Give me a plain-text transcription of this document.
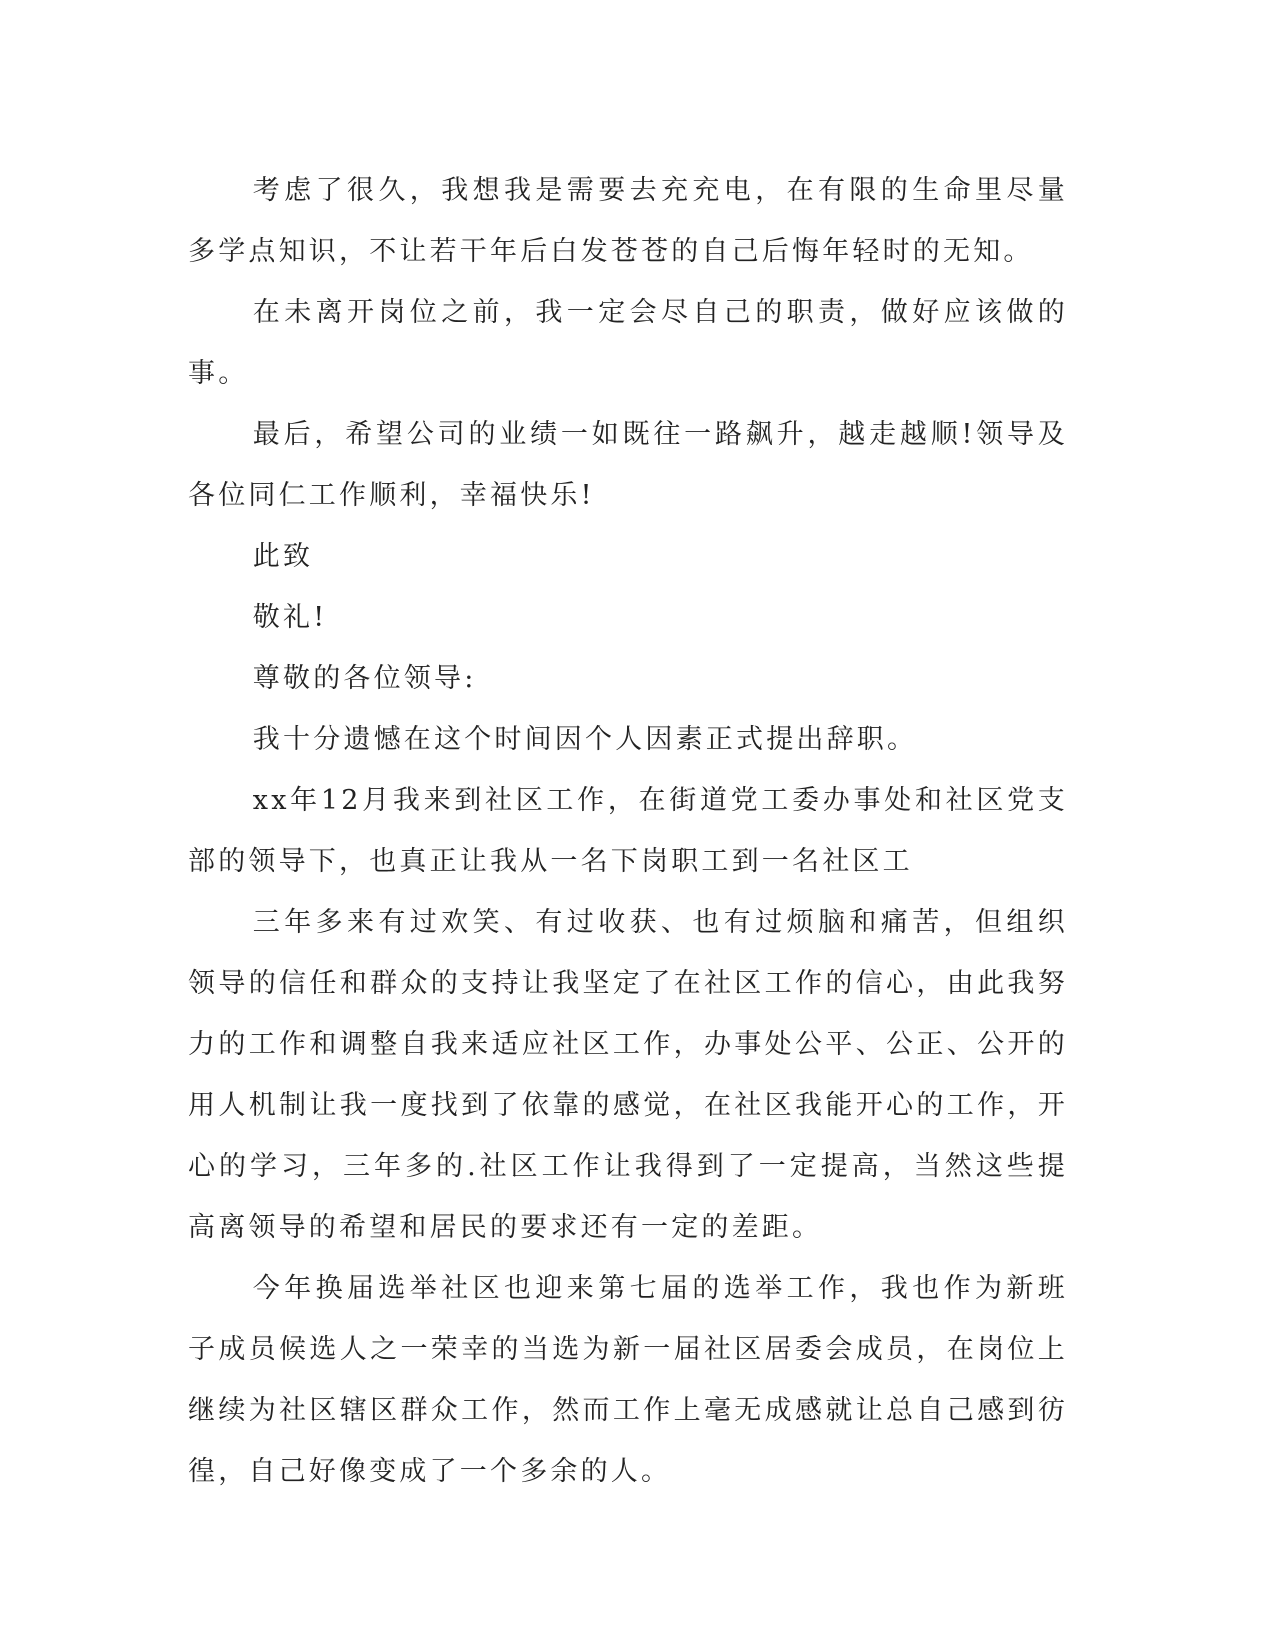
考虑了很久，我想我是需要去充充电，在有限的生命里尽量多学点知识，不让若干年后白发苍苍的自己后悔年轻时的无知。

在未离开岗位之前，我一定会尽自己的职责，做好应该做的事。

最后，希望公司的业绩一如既往一路飙升，越走越顺!领导及各位同仁工作顺利，幸福快乐!

此致

敬礼!

尊敬的各位领导:

我十分遗憾在这个时间因个人因素正式提出辞职。

xx年12月我来到社区工作，在街道党工委办事处和社区党支部的领导下，也真正让我从一名下岗职工到一名社区工

三年多来有过欢笑、有过收获、也有过烦脑和痛苦，但组织领导的信任和群众的支持让我坚定了在社区工作的信心，由此我努力的工作和调整自我来适应社区工作，办事处公平、公正、公开的用人机制让我一度找到了依靠的感觉，在社区我能开心的工作，开心的学习，三年多的.社区工作让我得到了一定提高，当然这些提高离领导的希望和居民的要求还有一定的差距。

今年换届选举社区也迎来第七届的选举工作，我也作为新班子成员候选人之一荣幸的当选为新一届社区居委会成员，在岗位上继续为社区辖区群众工作，然而工作上毫无成感就让总自己感到彷徨，自己好像变成了一个多余的人。
